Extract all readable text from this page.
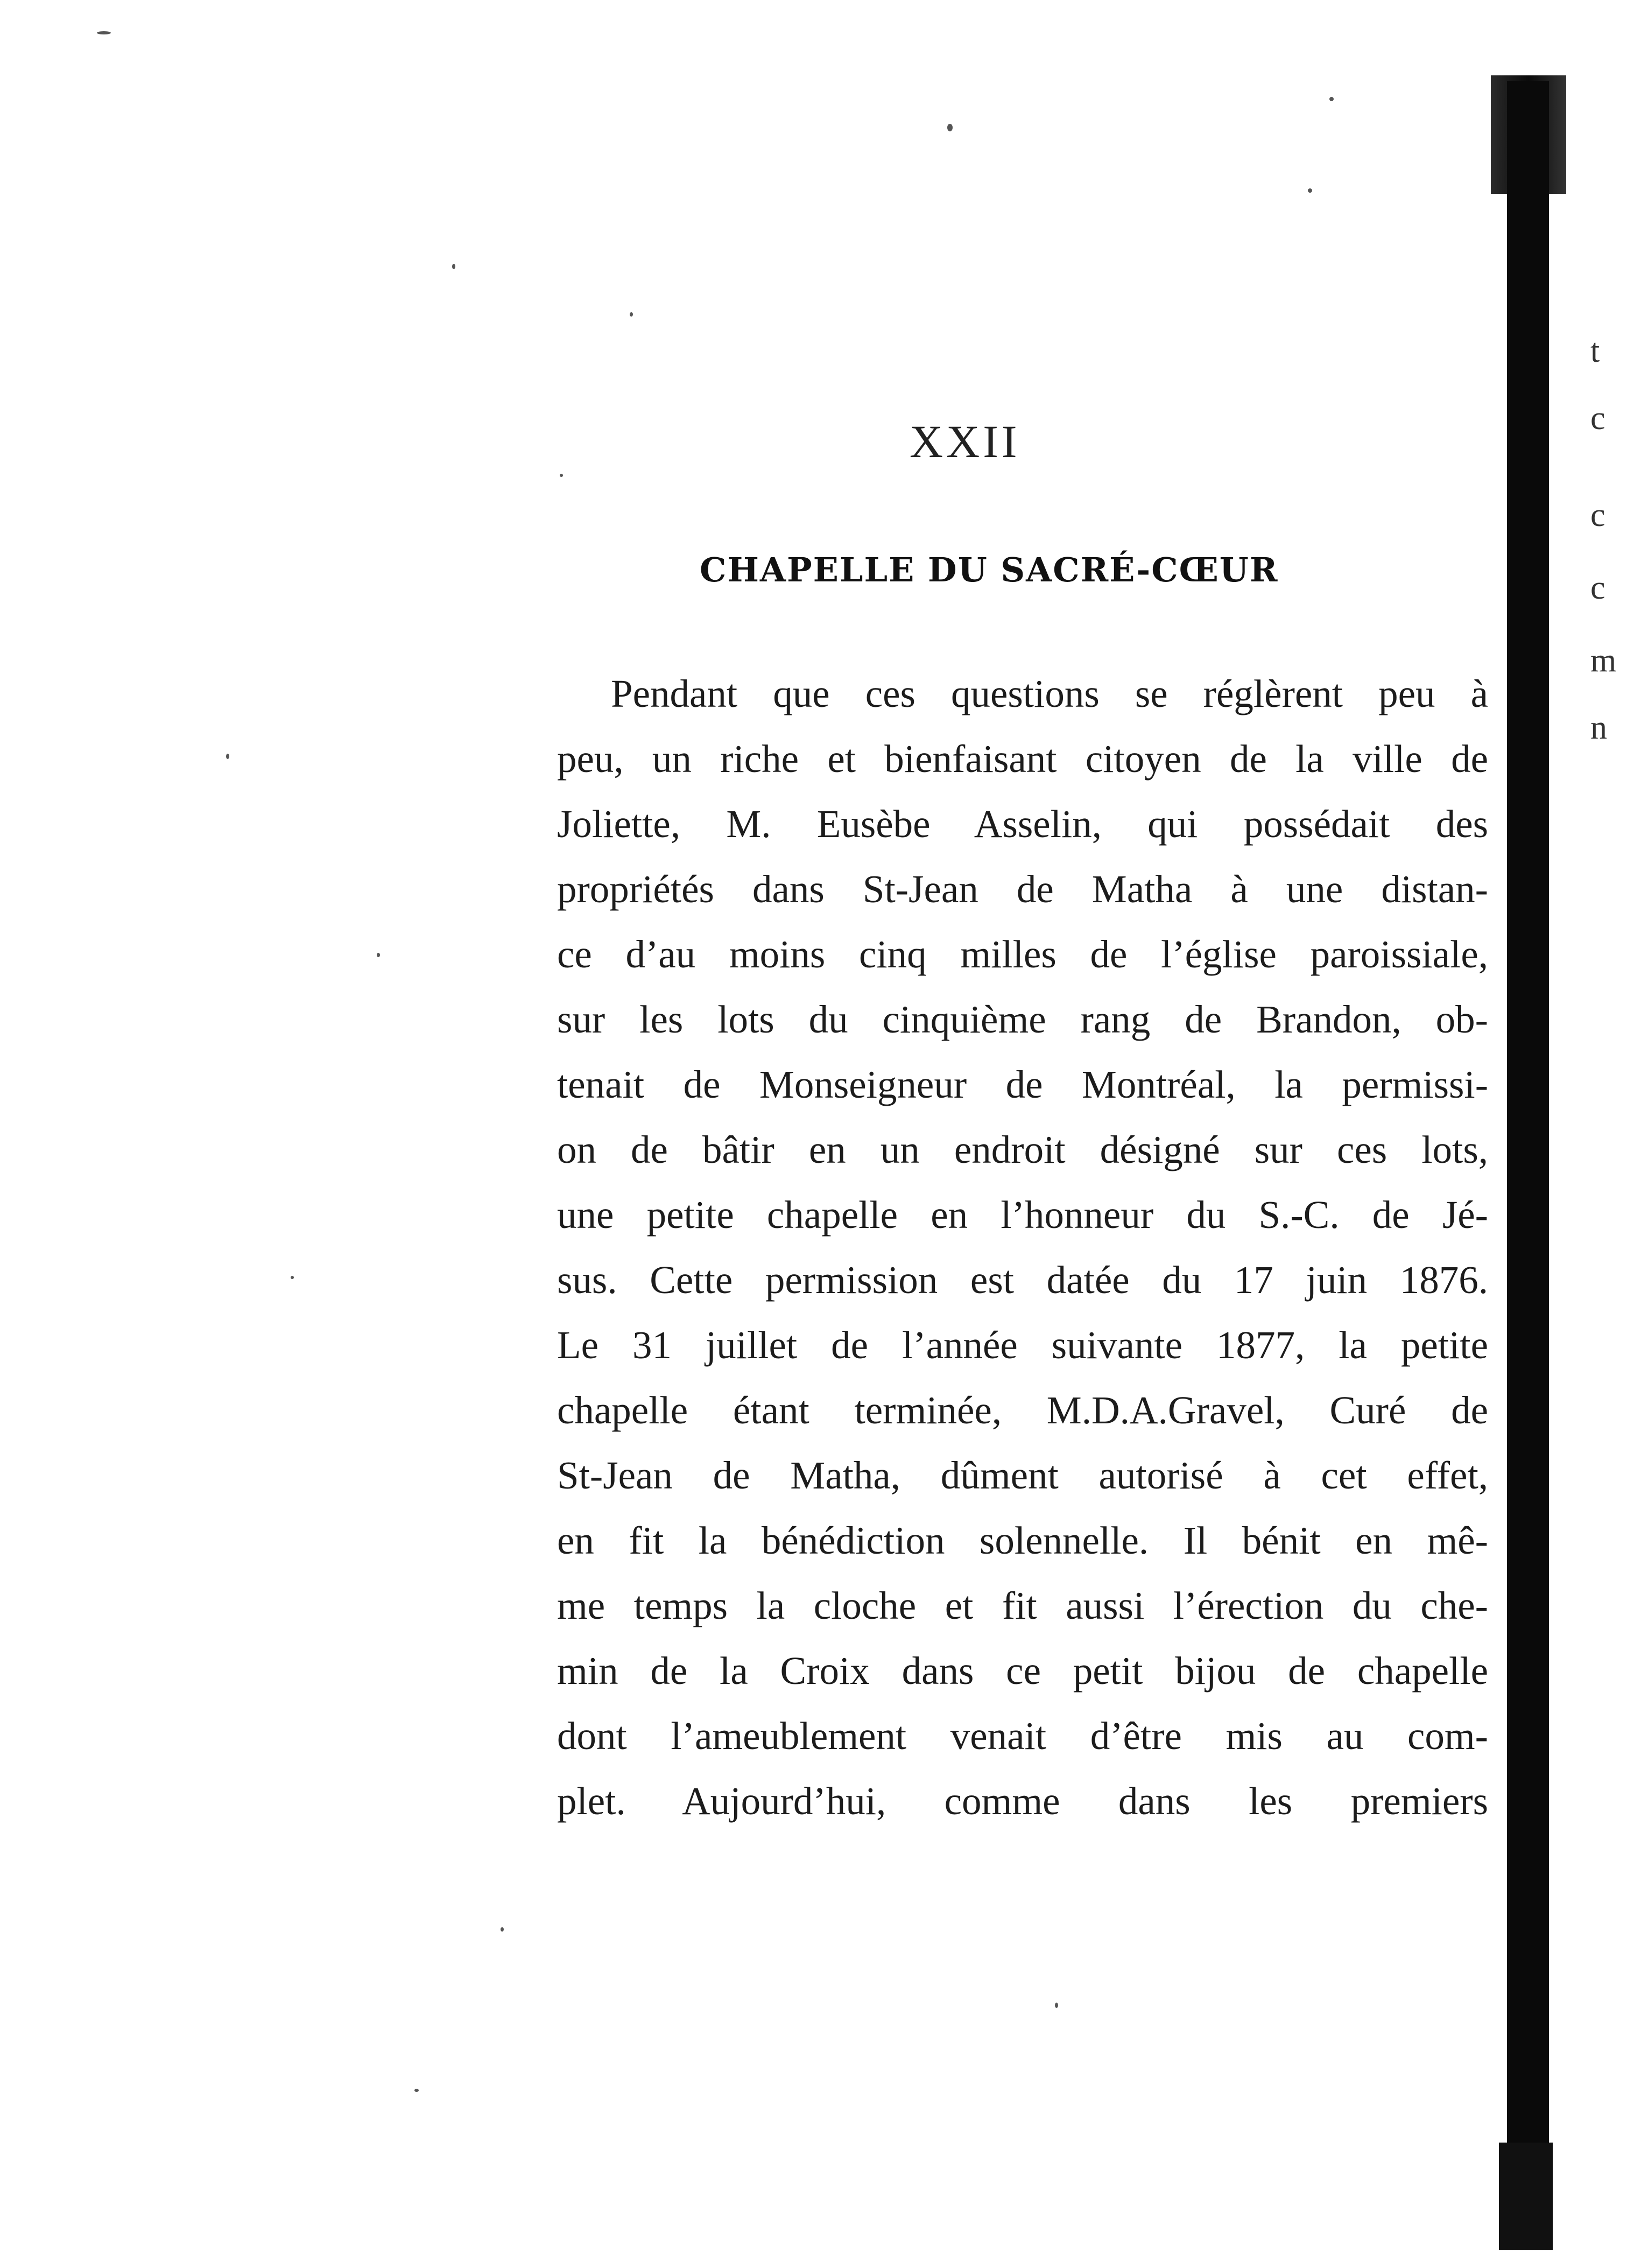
XXII
CHAPELLE DU SACRÉ-CŒUR
Pendant que ces questions se réglèrent peu à
peu, un riche et bienfaisant citoyen de la ville de
Joliette, M. Eusèbe Asselin, qui possédait des
propriétés dans St-Jean de Matha à une distan-
ce d’au moins cinq milles de l’église paroissiale,
sur les lots du cinquième rang de Brandon, ob-
tenait de Monseigneur de Montréal, la permissi-
on de bâtir en un endroit désigné sur ces lots,
une petite chapelle en l’honneur du S.-C. de Jé-
sus. Cette permission est datée du 17 juin 1876.
Le 31 juillet de l’année suivante 1877, la petite
chapelle étant terminée, M.D.A.Gravel, Curé de
St-Jean de Matha, dûment autorisé à cet effet,
en fit la bénédiction solennelle. Il bénit en mê-
me temps la cloche et fit aussi l’érection du che-
min de la Croix dans ce petit bijou de chapelle
dont l’ameublement venait d’être mis au com-
plet. Aujourd’hui, comme dans les premiers
t
c
c
c
m
n
